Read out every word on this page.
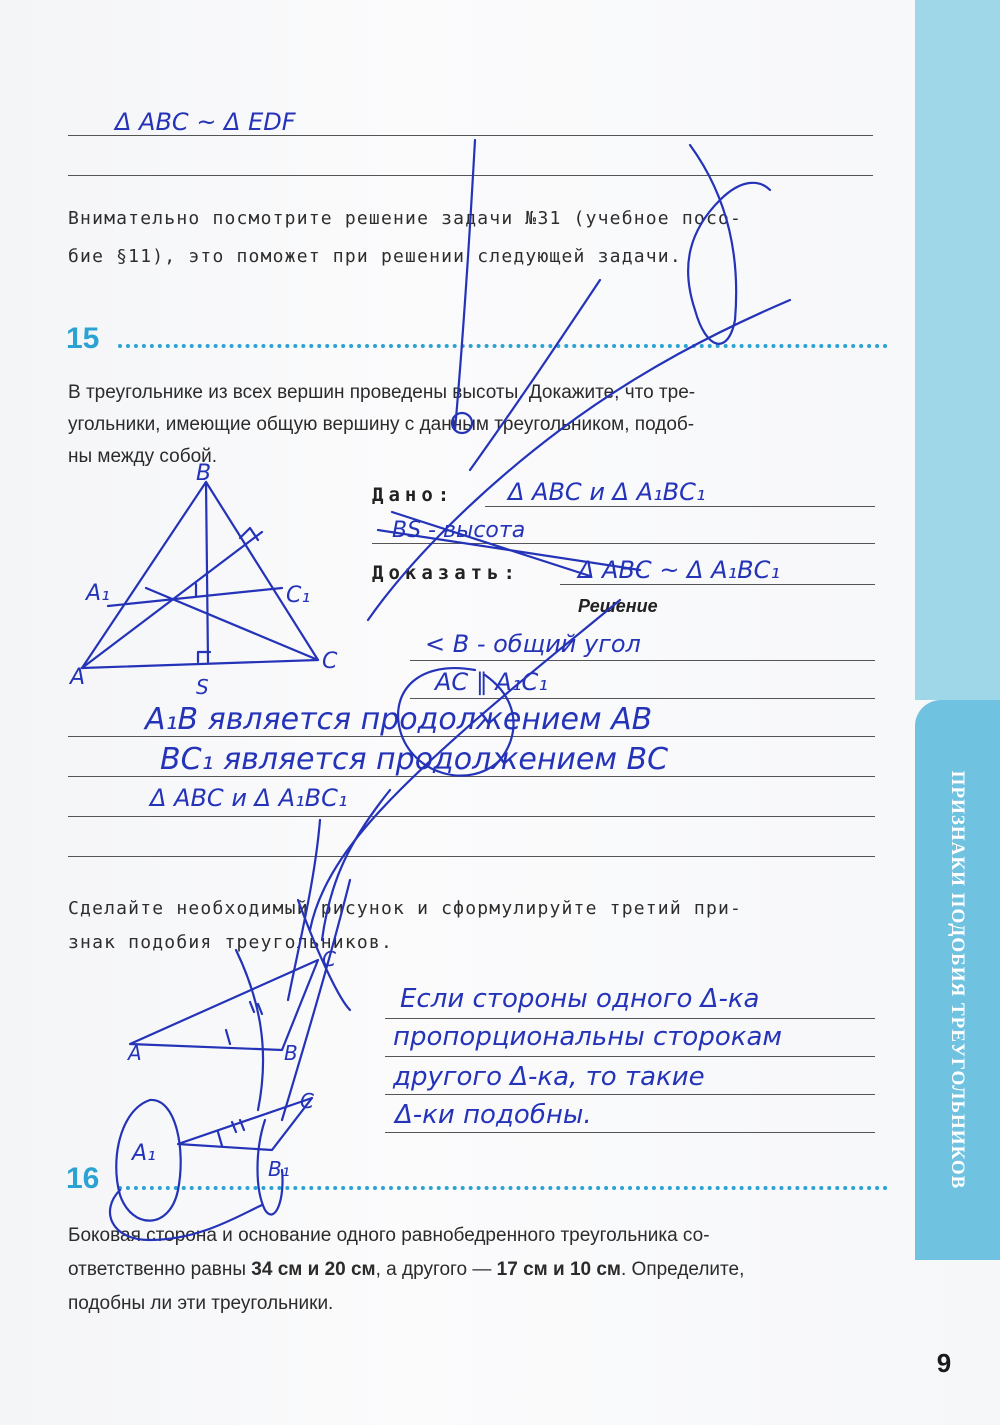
ПРИЗНАКИ ПОДОБИЯ ТРЕУГОЛЬНИКОВ
Δ ABC ~ Δ EDF
Внимательно посмотрите решение задачи №31 (учебное посо-
бие §11), это поможет при решении следующей задачи.
15
В треугольнике из всех вершин проведены высоты. Докажите, что тре-
угольники, имеющие общую вершину с данным треугольником, подоб-
ны между собой.
Дано: Δ ABC и Δ A₁BC₁
BS - высота
Доказать: Δ ABC ~ Δ A₁BC₁
Решение
< B - общий угол
AC ∥ A₁C₁
A₁B является продолжением AB
BC₁ является продолжением BC
Δ ABC и Δ A₁BC₁
Сделайте необходимый рисунок и сформулируйте третий при-
знак подобия треугольников.
Если стороны одного Δ-ка
пропорциональны сторокам
другого Δ-ка, то такие
Δ-ки подобны.
16
Боковая сторона и основание одного равнобедренного треугольника со-
ответственно равны 34 см и 20 см, а другого — 17 см и 10 см. Определите,
подобны ли эти треугольники.
9
B
A₁	C₁
A
C
S
A	B
C
A₁
B₁
C
